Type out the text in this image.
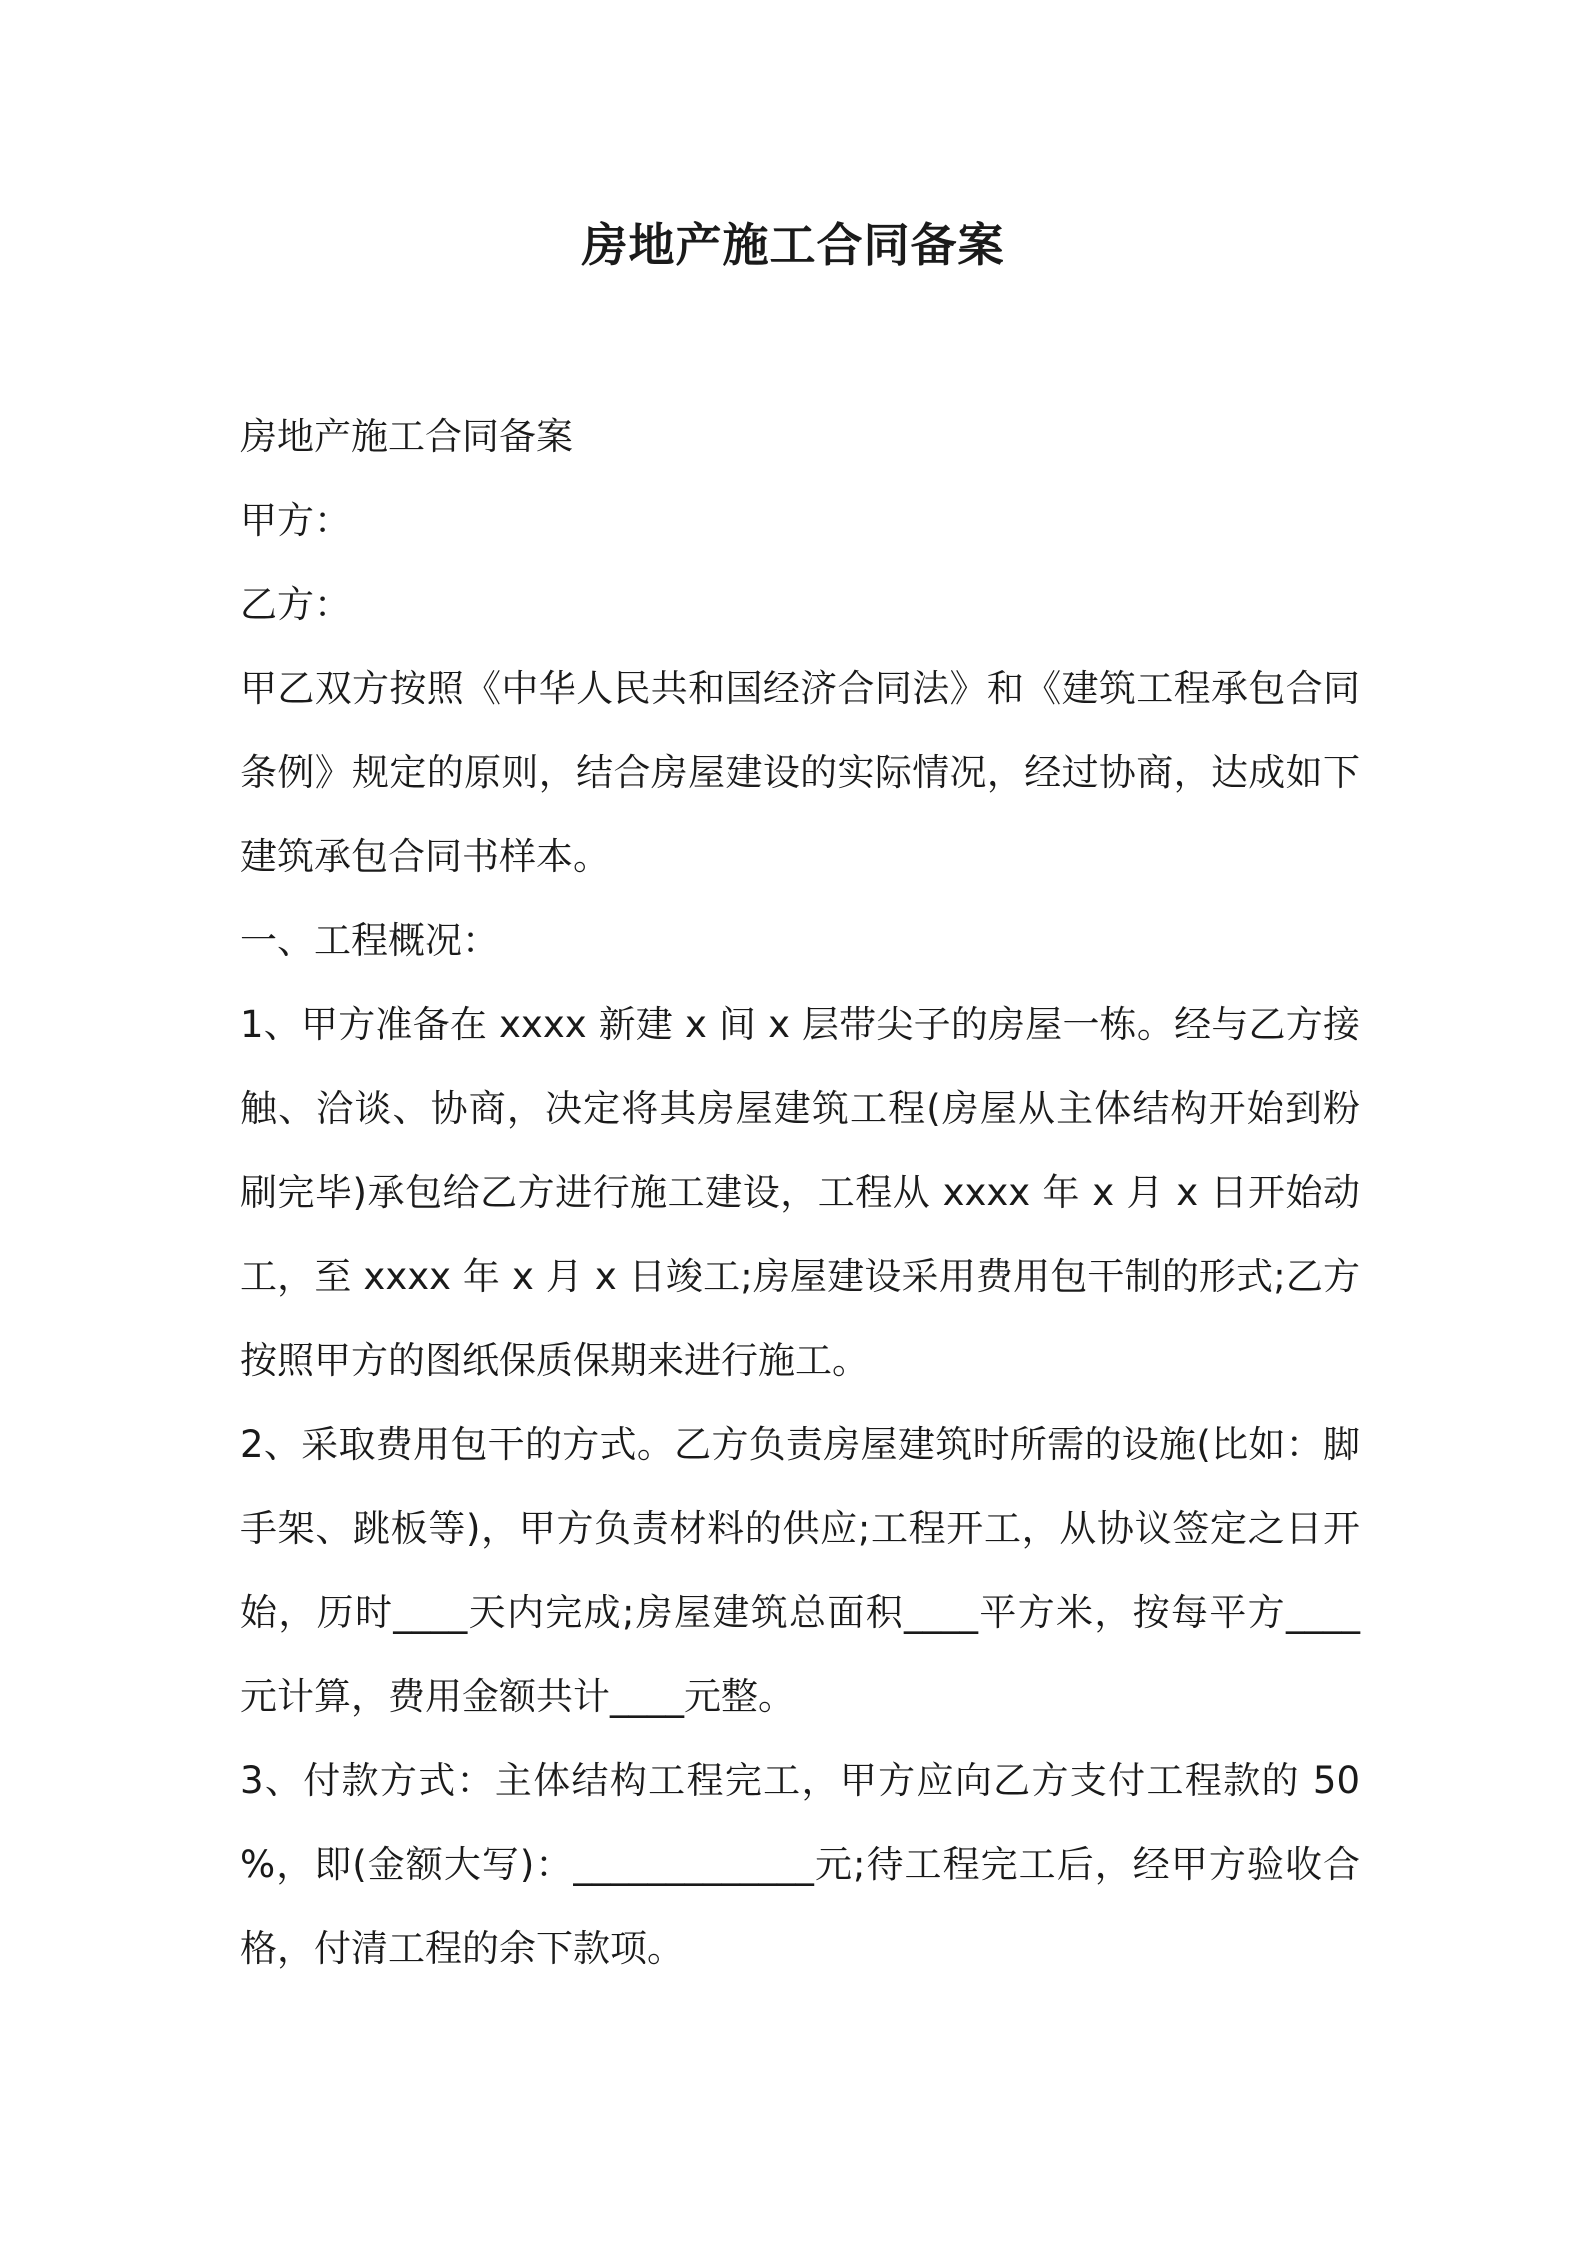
房地产施工合同备案

房地产施工合同备案

甲方：

乙方：

甲乙双方按照《中华人民共和国经济合同法》和《建筑工程承包合同条例》规定的原则，结合房屋建设的实际情况，经过协商，达成如下建筑承包合同书样本。

一、工程概况：

1、甲方准备在 xxxx 新建 x 间 x 层带尖子的房屋一栋。经与乙方接触、洽谈、协商，决定将其房屋建筑工程(房屋从主体结构开始到粉刷完毕)承包给乙方进行施工建设，工程从 xxxx 年 x 月 x 日开始动工，至 xxxx 年 x 月 x 日竣工;房屋建设采用费用包干制的形式;乙方按照甲方的图纸保质保期来进行施工。

2、采取费用包干的方式。乙方负责房屋建筑时所需的设施(比如：脚手架、跳板等)，甲方负责材料的供应;工程开工，从协议签定之日开始，历时____天内完成;房屋建筑总面积____平方米，按每平方____元计算，费用金额共计____元整。

3、付款方式：主体结构工程完工，甲方应向乙方支付工程款的 50 %，即(金额大写)：_____________元;待工程完工后，经甲方验收合格，付清工程的余下款项。
